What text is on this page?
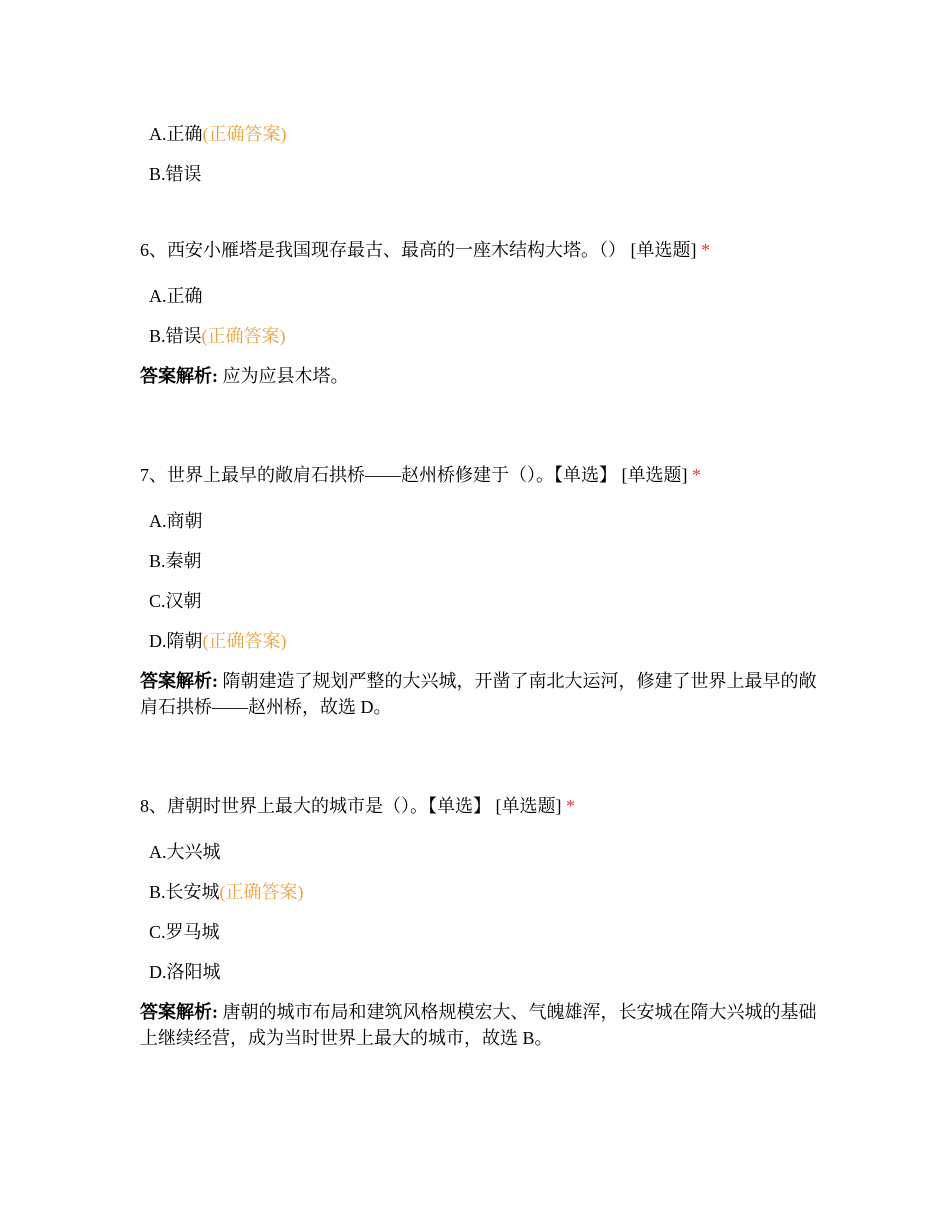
A.正确(正确答案)
B.错误
6、西安小雁塔是我国现存最古、最高的一座木结构大塔。（） [单选题] *
A.正确
B.错误(正确答案)
答案解析: 应为应县木塔。
7、世界上最早的敞肩石拱桥——赵州桥修建于（）。【单选】 [单选题] *
A.商朝
B.秦朝
C.汉朝
D.隋朝(正确答案)
答案解析: 隋朝建造了规划严整的大兴城，开凿了南北大运河，修建了世界上最早的敞肩石拱桥——赵州桥，故选 D。
8、唐朝时世界上最大的城市是（）。【单选】 [单选题] *
A.大兴城
B.长安城(正确答案)
C.罗马城
D.洛阳城
答案解析: 唐朝的城市布局和建筑风格规模宏大、气魄雄浑，长安城在隋大兴城的基础上继续经营，成为当时世界上最大的城市，故选 B。
